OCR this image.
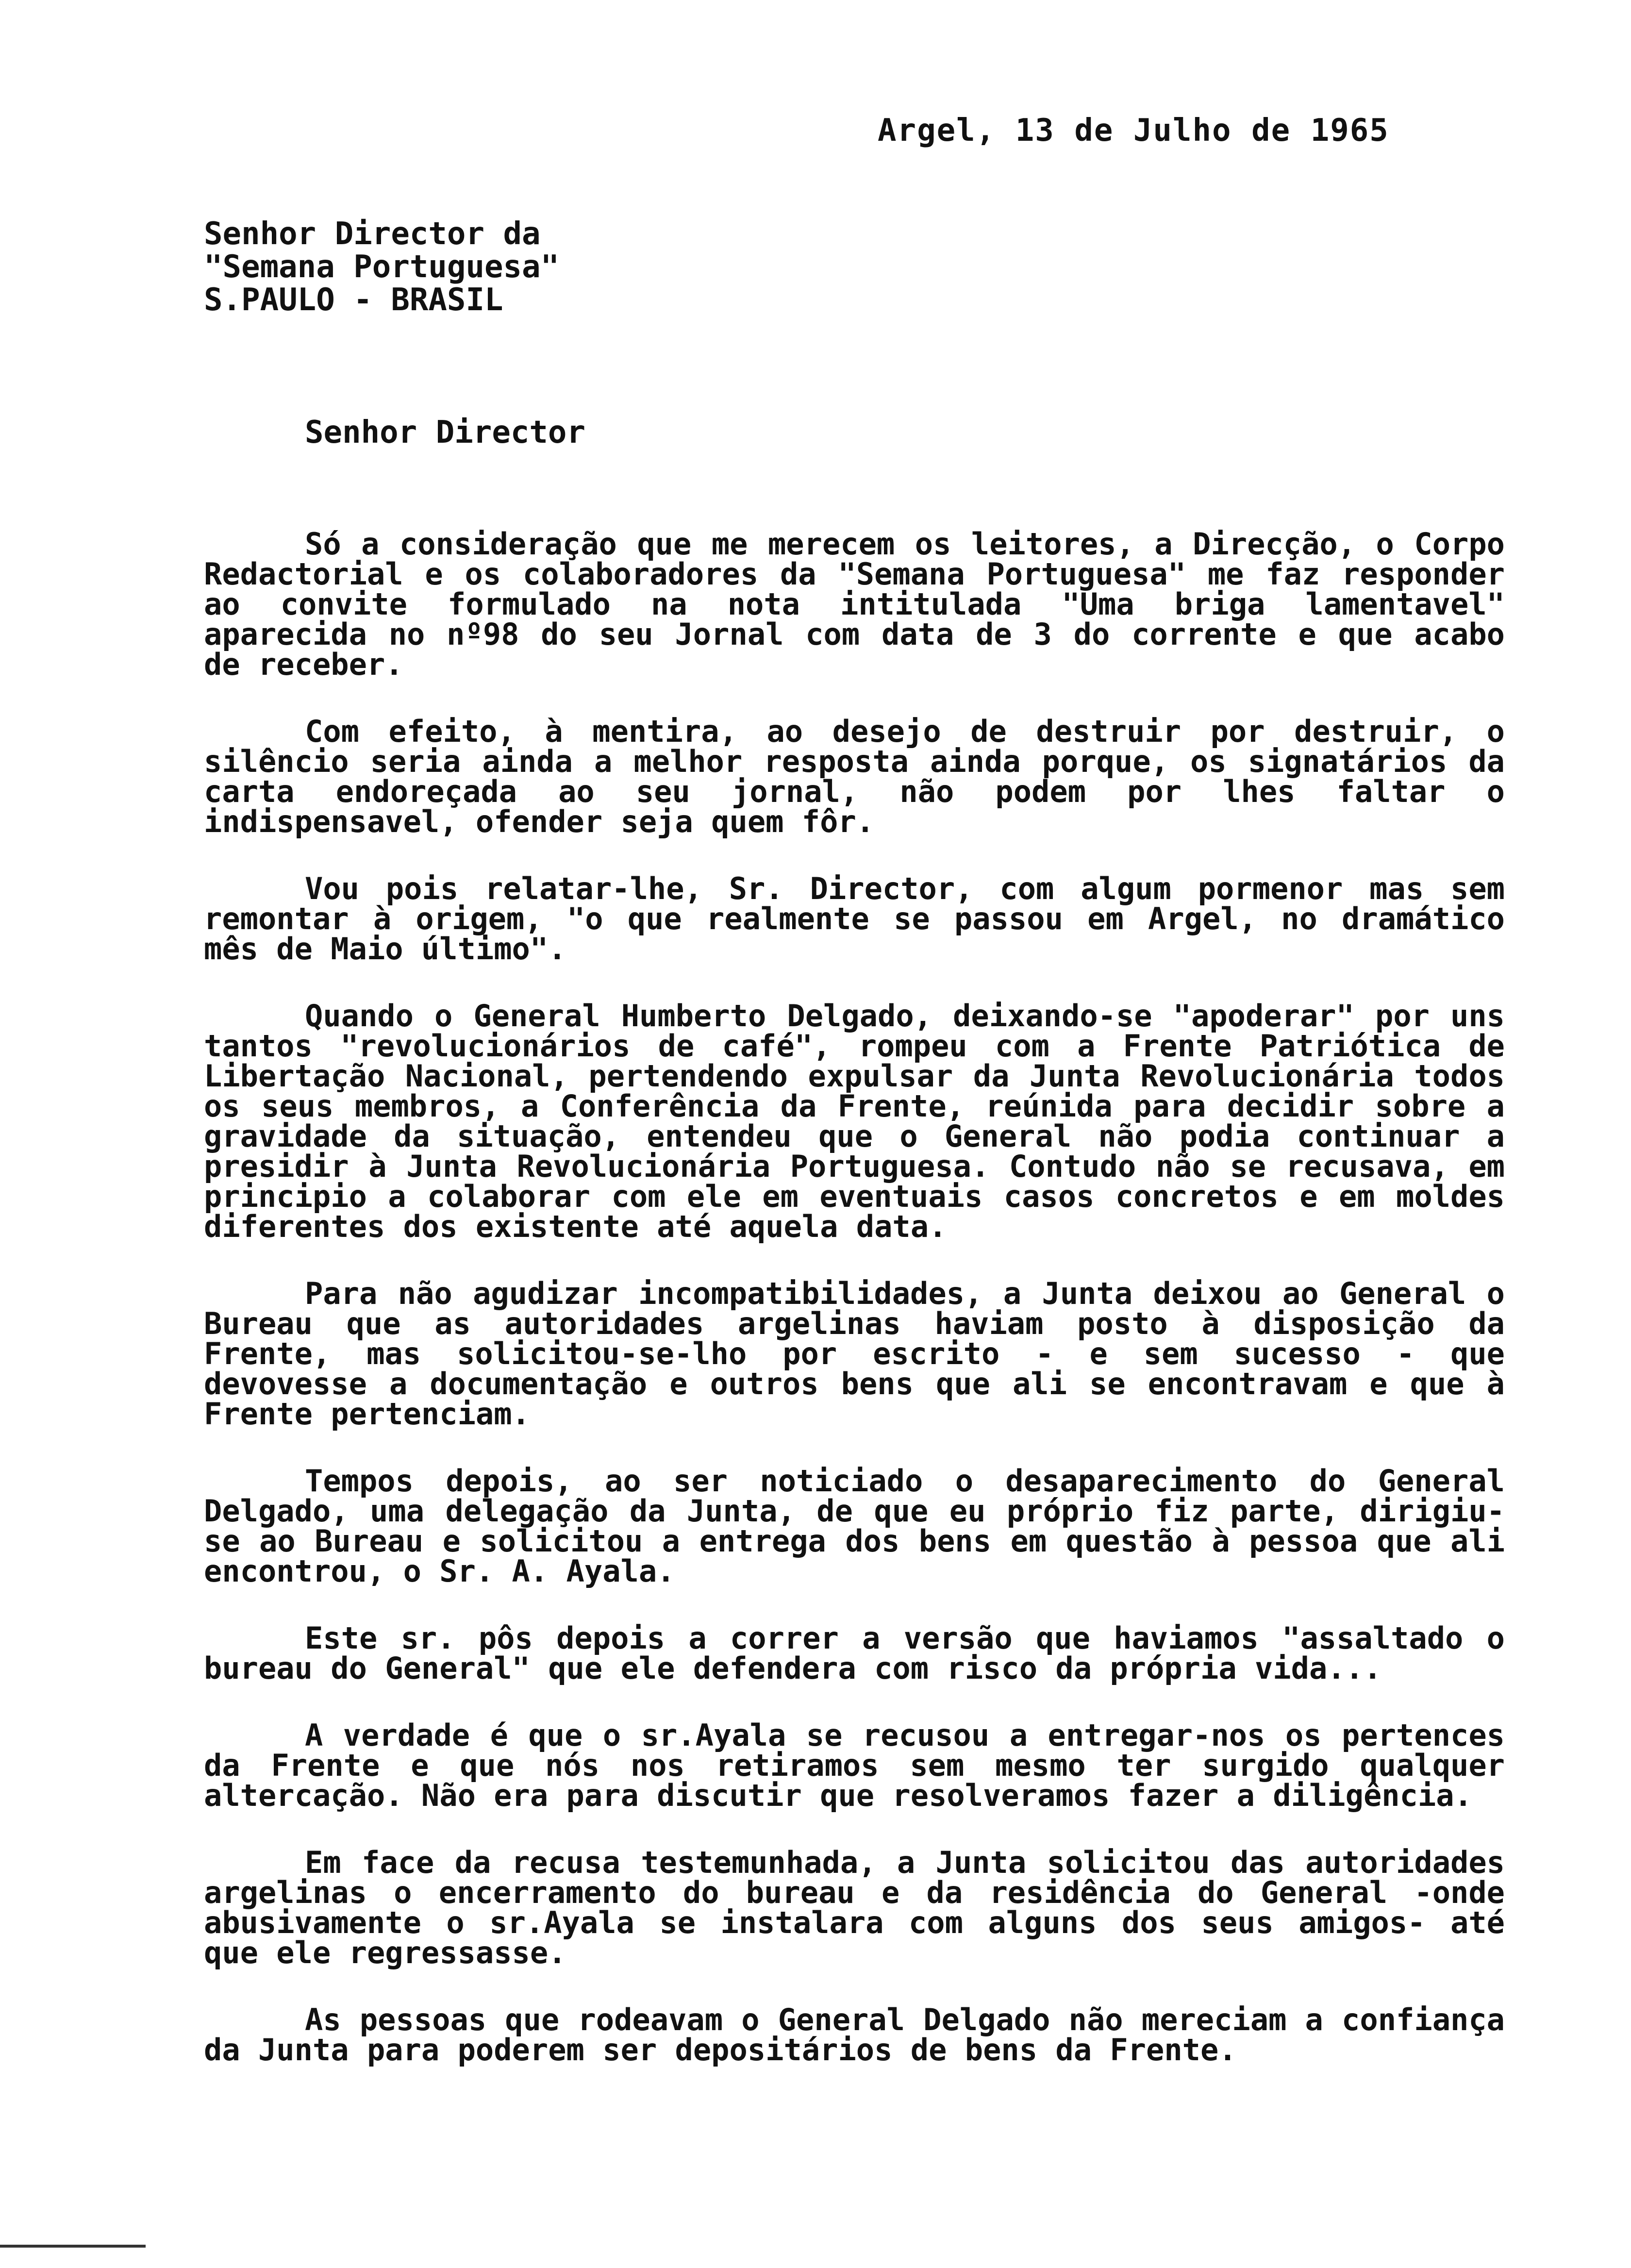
Argel, 13 de Julho de 1965
Senhor Director da
"Semana Portuguesa"
S.PAULO - BRASIL
Senhor Director

Só a consideração que me merecem os leitores, a Direcção, o Corpo Redactorial e os colaboradores da "Semana Portuguesa" me faz responder ao convite formulado na nota intitulada "Uma briga lamentavel" aparecida no nº98 do seu Jornal com data de 3 do corrente e que acabo de receber.

Com efeito, à mentira, ao desejo de destruir por destruir, o silêncio seria ainda a melhor resposta ainda porque, os signatários da carta endoreçada ao seu jornal, não podem por lhes faltar o indispensavel, ofender seja quem fôr.

Vou pois relatar-lhe, Sr. Director, com algum pormenor mas sem remontar à origem, "o que realmente se passou em Argel, no dramático mês de Maio último".

Quando o General Humberto Delgado, deixando-se "apoderar" por uns tantos "revolucionários de café", rompeu com a Frente Patriótica de Libertação Nacional, pertendendo expulsar da Junta Revolucionária todos os seus membros, a Conferência da Frente, reúnida para decidir sobre a gravidade da situação, entendeu que o General não podia continuar a presidir à Junta Revolucionária Portuguesa. Contudo não se recusava, em principio a colaborar com ele em eventuais casos concretos e em moldes diferentes dos existente até aquela data.

Para não agudizar incompatibilidades, a Junta deixou ao General o Bureau que as autoridades argelinas haviam posto à disposição da Frente, mas solicitou-se-lho por escrito - e sem sucesso - que devovesse a documentação e outros bens que ali se encontravam e que à Frente pertenciam.

Tempos depois, ao ser noticiado o desaparecimento do General Delgado, uma delegação da Junta, de que eu próprio fiz parte, dirigiu-se ao Bureau e solicitou a entrega dos bens em questão à pessoa que ali encontrou, o Sr. A. Ayala.

Este sr. pôs depois a correr a versão que haviamos "assaltado o bureau do General" que ele defendera com risco da própria vida...

A verdade é que o sr.Ayala se recusou a entregar-nos os pertences da Frente e que nós nos retiramos sem mesmo ter surgido qualquer altercação. Não era para discutir que resolveramos fazer a diligência.

Em face da recusa testemunhada, a Junta solicitou das autoridades argelinas o encerramento do bureau e da residência do General -onde abusivamente o sr.Ayala se instalara com alguns dos seus amigos- até que ele regressasse.

As pessoas que rodeavam o General Delgado não mereciam a confiança da Junta para poderem ser depositários de bens da Frente.
